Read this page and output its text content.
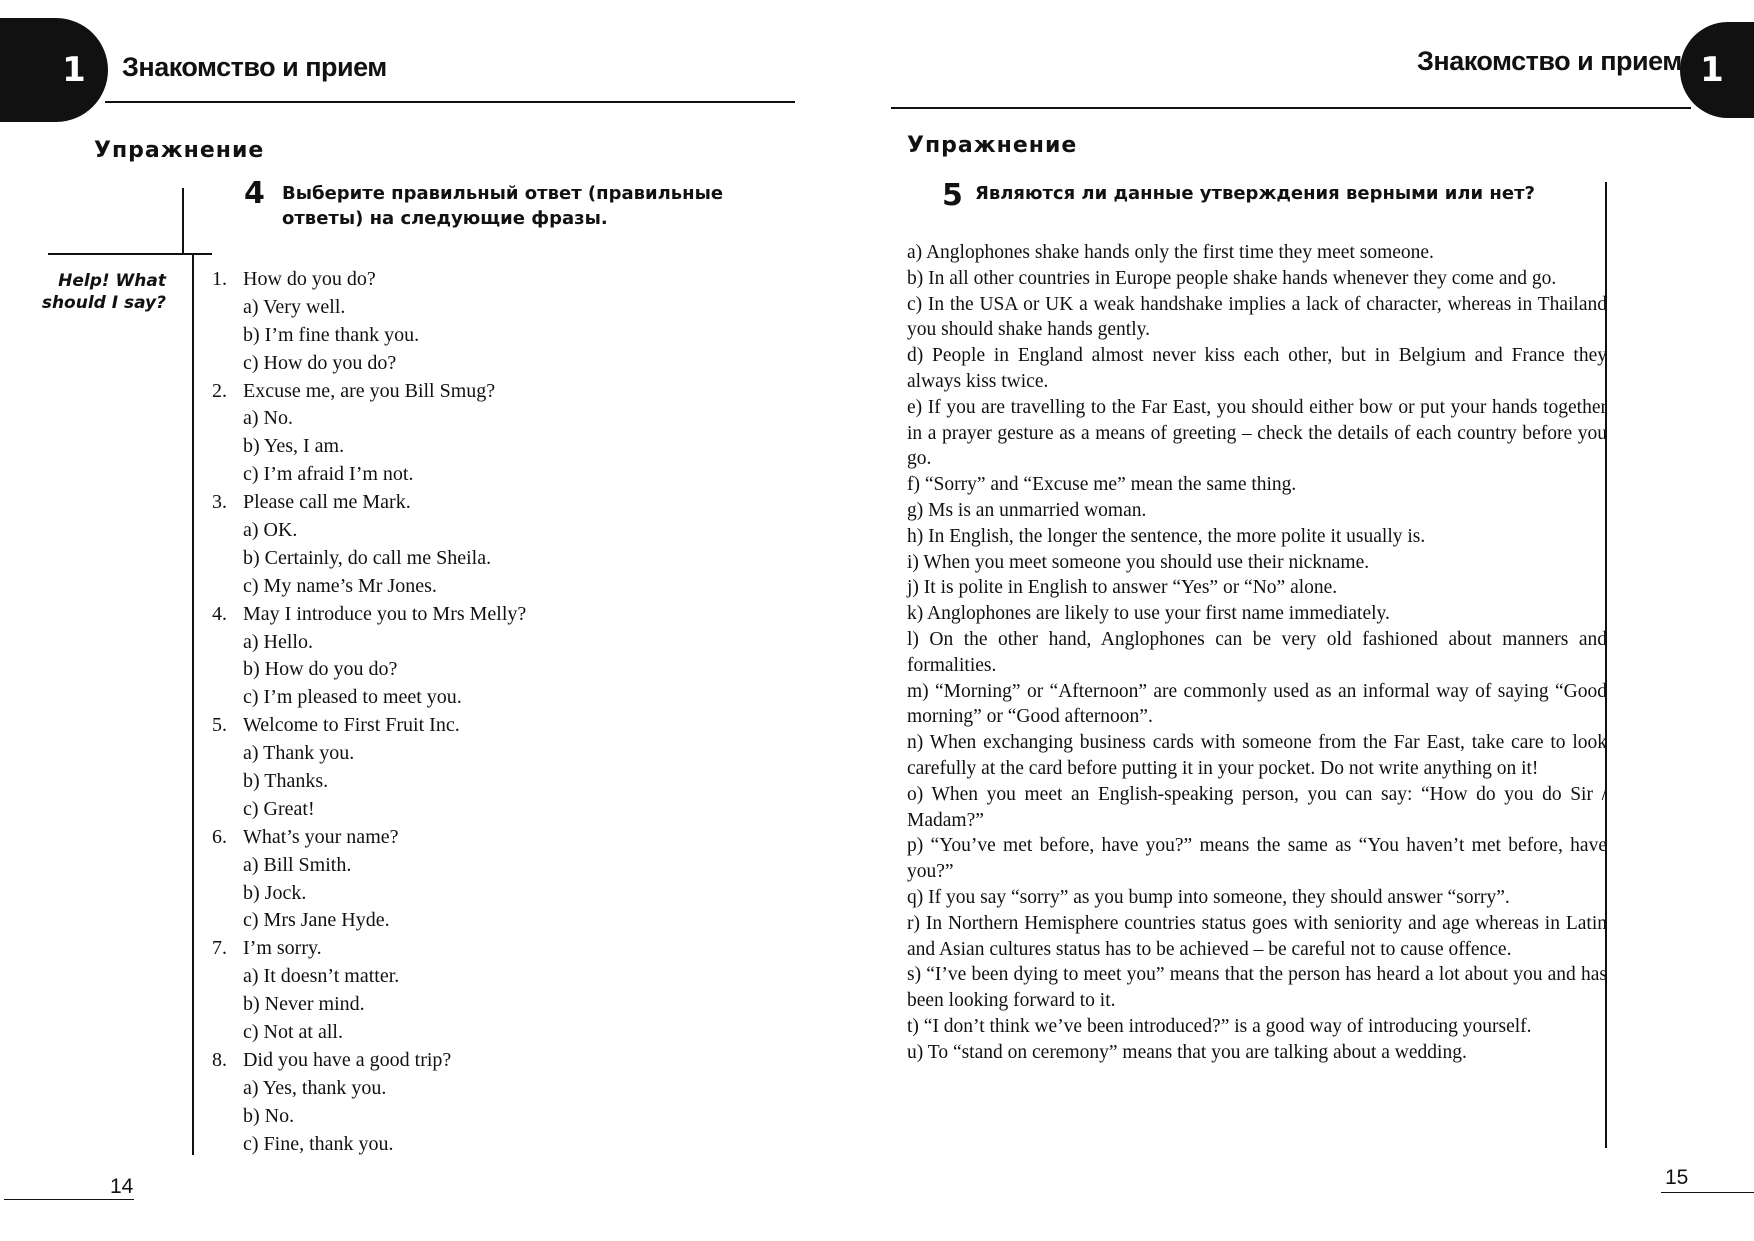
1 Знакомство и прием
Упражнение
4 Выберите правильный ответ (правильные ответы) на следующие фразы.
Help! What should I say?
1. How do you do?
a) Very well.
b) I’m fine thank you.
c) How do you do?
2. Excuse me, are you Bill Smug?
a) No.
b) Yes, I am.
c) I’m afraid I’m not.
3. Please call me Mark.
a) OK.
b) Certainly, do call me Sheila.
c) My name’s Mr Jones.
4. May I introduce you to Mrs Melly?
a) Hello.
b) How do you do?
c) I’m pleased to meet you.
5. Welcome to First Fruit Inc.
a) Thank you.
b) Thanks.
c) Great!
6. What’s your name?
a) Bill Smith.
b) Jock.
c) Mrs Jane Hyde.
7. I’m sorry.
a) It doesn’t matter.
b) Never mind.
c) Not at all.
8. Did you have a good trip?
a) Yes, thank you.
b) No.
c) Fine, thank you.
14
1
Знакомство и прием
Упражнение
5 Являются ли данные утверждения верными или нет?

a) Anglophones shake hands only the first time they meet someone.

b) In all other countries in Europe people shake hands whenever they come and go.

c) In the USA or UK a weak handshake implies a lack of character, whereas in Thailand you should shake hands gently.

d) People in England almost never kiss each other, but in Belgium and France they always kiss twice.

e) If you are travelling to the Far East, you should either bow or put your hands together in a prayer gesture as a means of greeting – check the details of each country before you go.

f) “Sorry” and “Excuse me” mean the same thing.

g) Ms is an unmarried woman.

h) In English, the longer the sentence, the more polite it usually is.

i) When you meet someone you should use their nickname.

j) It is polite in English to answer “Yes” or “No” alone.

k) Anglophones are likely to use your first name immediately.

l) On the other hand, Anglophones can be very old fashioned about manners and formalities.

m) “Morning” or “Afternoon” are commonly used as an informal way of saying “Good morning” or “Good afternoon”.

n) When exchanging business cards with someone from the Far East, take care to look carefully at the card before putting it in your pocket. Do not write anything on it!

o) When you meet an English-speaking person, you can say: “How do you do Sir / Madam?”

p) “You’ve met before, have you?” means the same as “You haven’t met before, have you?”

q) If you say “sorry” as you bump into someone, they should answer “sorry”.

r) In Northern Hemisphere countries status goes with seniority and age whereas in Latin and Asian cultures status has to be achieved – be careful not to cause offence.

s) “I’ve been dying to meet you” means that the person has heard a lot about you and has been looking forward to it.

t) “I don’t think we’ve been introduced?” is a good way of introducing yourself.

u) To “stand on ceremony” means that you are talking about a wedding.

15
